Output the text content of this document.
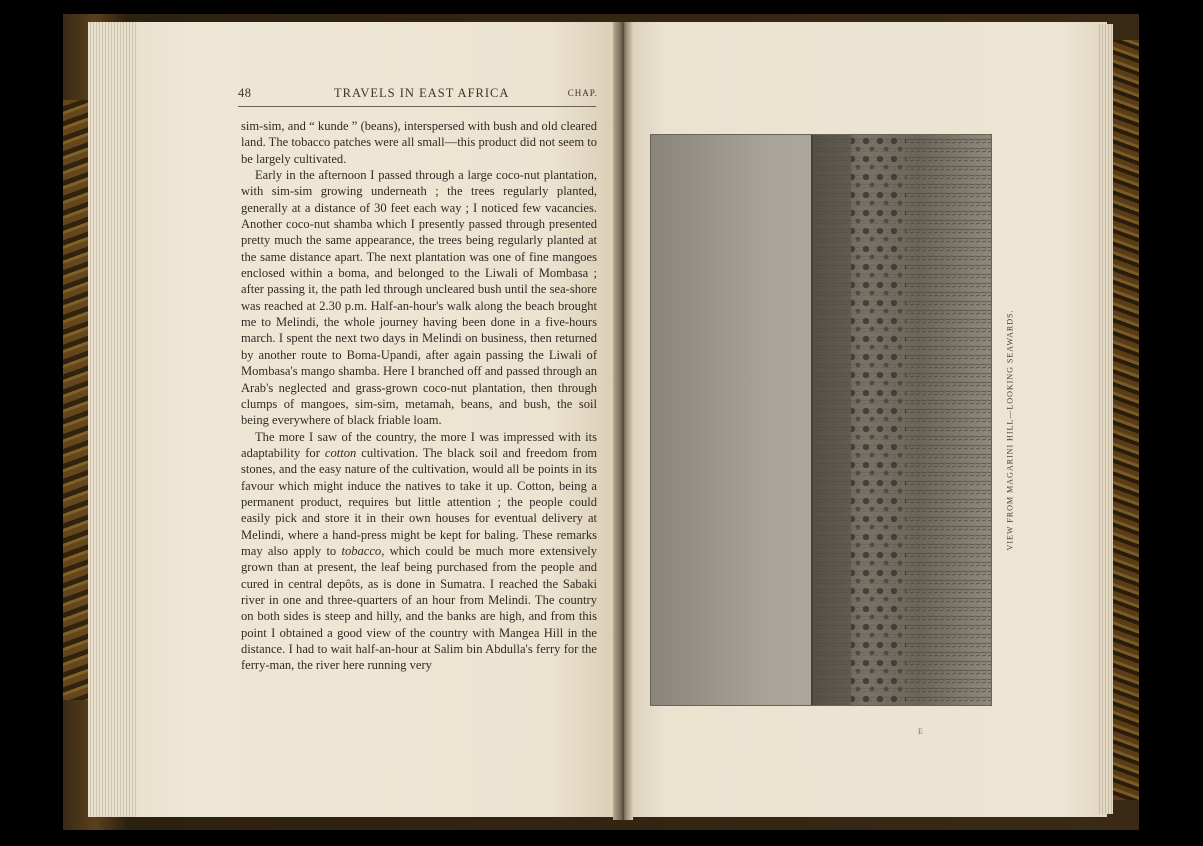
48	TRAVELS IN EAST AFRICA	CHAP.

sim-sim, and “ kunde ” (beans), interspersed with bush and old cleared land. The tobacco patches were all small—this product did not seem to be largely cultivated.

Early in the afternoon I passed through a large coco-nut plantation, with sim-sim growing underneath ; the trees regularly planted, generally at a distance of 30 feet each way ; I noticed few vacancies. Another coco-nut shamba which I presently passed through presented pretty much the same appearance, the trees being regularly planted at the same distance apart. The next plantation was one of fine mangoes enclosed within a boma, and belonged to the Liwali of Mombasa ; after passing it, the path led through uncleared bush until the sea-shore was reached at 2.30 p.m. Half-an-hour's walk along the beach brought me to Melindi, the whole journey having been done in a five-hours march. I spent the next two days in Melindi on business, then returned by another route to Boma-Upandi, after again passing the Liwali of Mombasa's mango shamba. Here I branched off and passed through an Arab's neglected and grass-grown coco-nut plantation, then through clumps of mangoes, sim-sim, metamah, beans, and bush, the soil being everywhere of black friable loam.

The more I saw of the country, the more I was impressed with its adaptability for cotton cultivation. The black soil and freedom from stones, and the easy nature of the cultivation, would all be points in its favour which might induce the natives to take it up. Cotton, being a permanent product, requires but little attention ; the people could easily pick and store it in their own houses for eventual delivery at Melindi, where a hand-press might be kept for baling. These remarks may also apply to tobacco, which could be much more extensively grown than at present, the leaf being purchased from the people and cured in central depôts, as is done in Sumatra. I reached the Sabaki river in one and three-quarters of an hour from Melindi. The country on both sides is steep and hilly, and the banks are high, and from this point I obtained a good view of the country with Mangea Hill in the distance. I had to wait half-an-hour at Salim bin Abdulla's ferry for the ferry-man, the river here running very

VIEW FROM MAGARINI HILL—LOOKING SEAWARDS.
E
